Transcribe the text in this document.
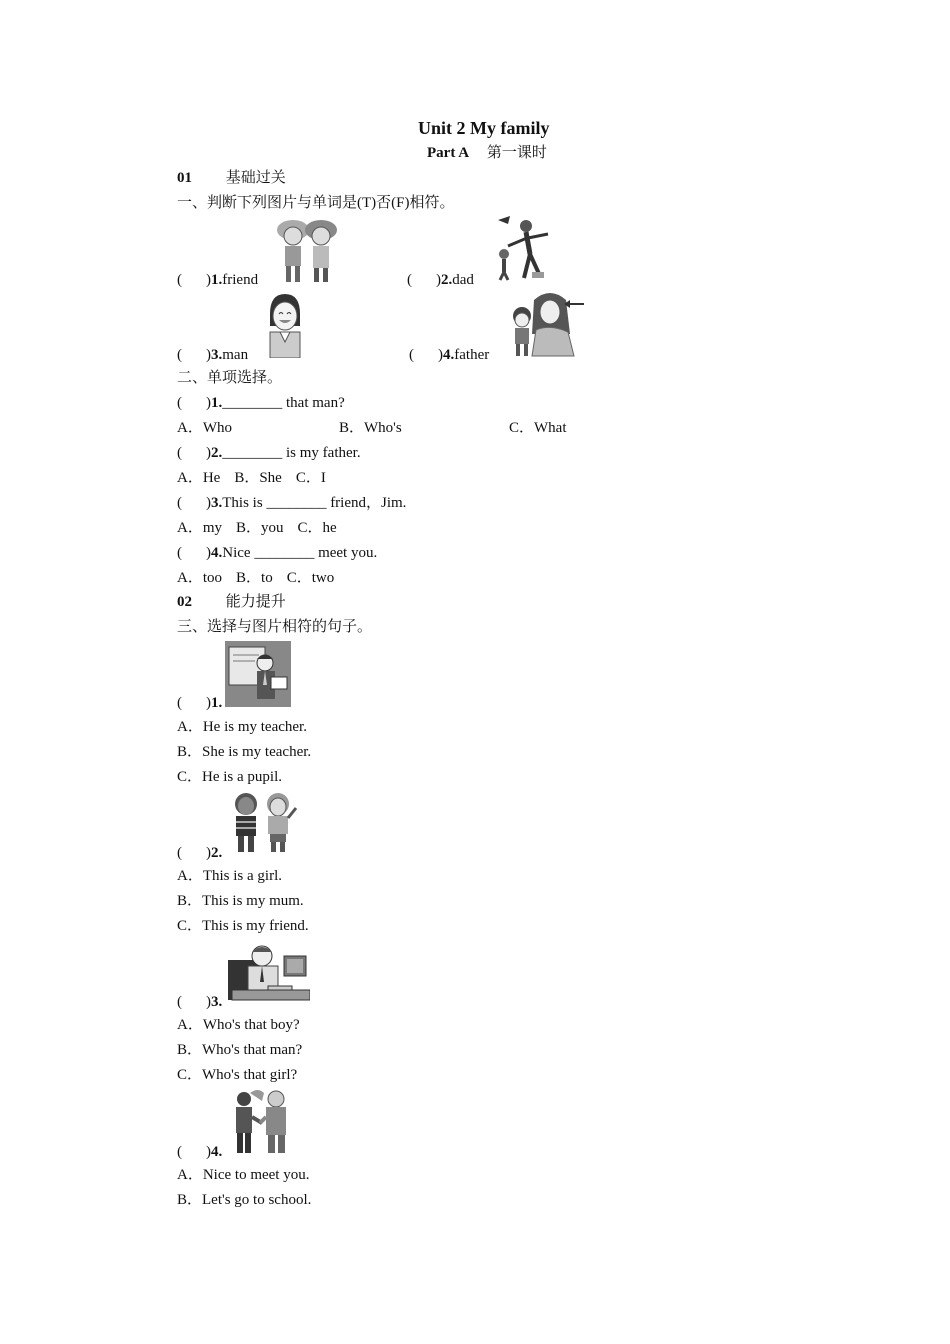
Unit 2 My family
Part A 第一课时
01 基础过关
一、判断下列图片与单词是(T)否(F)相符。
( )1.friend	( )2.dad
( )3.man	( )4.father
二、单项选择。
( )1.________ that man?
A．Who	B．Who's	C．What
( )2.________ is my father.
A．He B．She C．I
( )3.This is ________ friend，Jim.
A．my B．you C．he
( )4.Nice ________ meet you.
A．too B．to C．two
02 能力提升
三、选择与图片相符的句子。
( )1.
A．He is my teacher.
B．She is my teacher.
C．He is a pupil.
( )2.
A．This is a girl.
B．This is my mum.
C．This is my friend.
( )3.
A．Who's that boy?
B．Who's that man?
C．Who's that girl?
( )4.
A．Nice to meet you.
B．Let's go to school.
